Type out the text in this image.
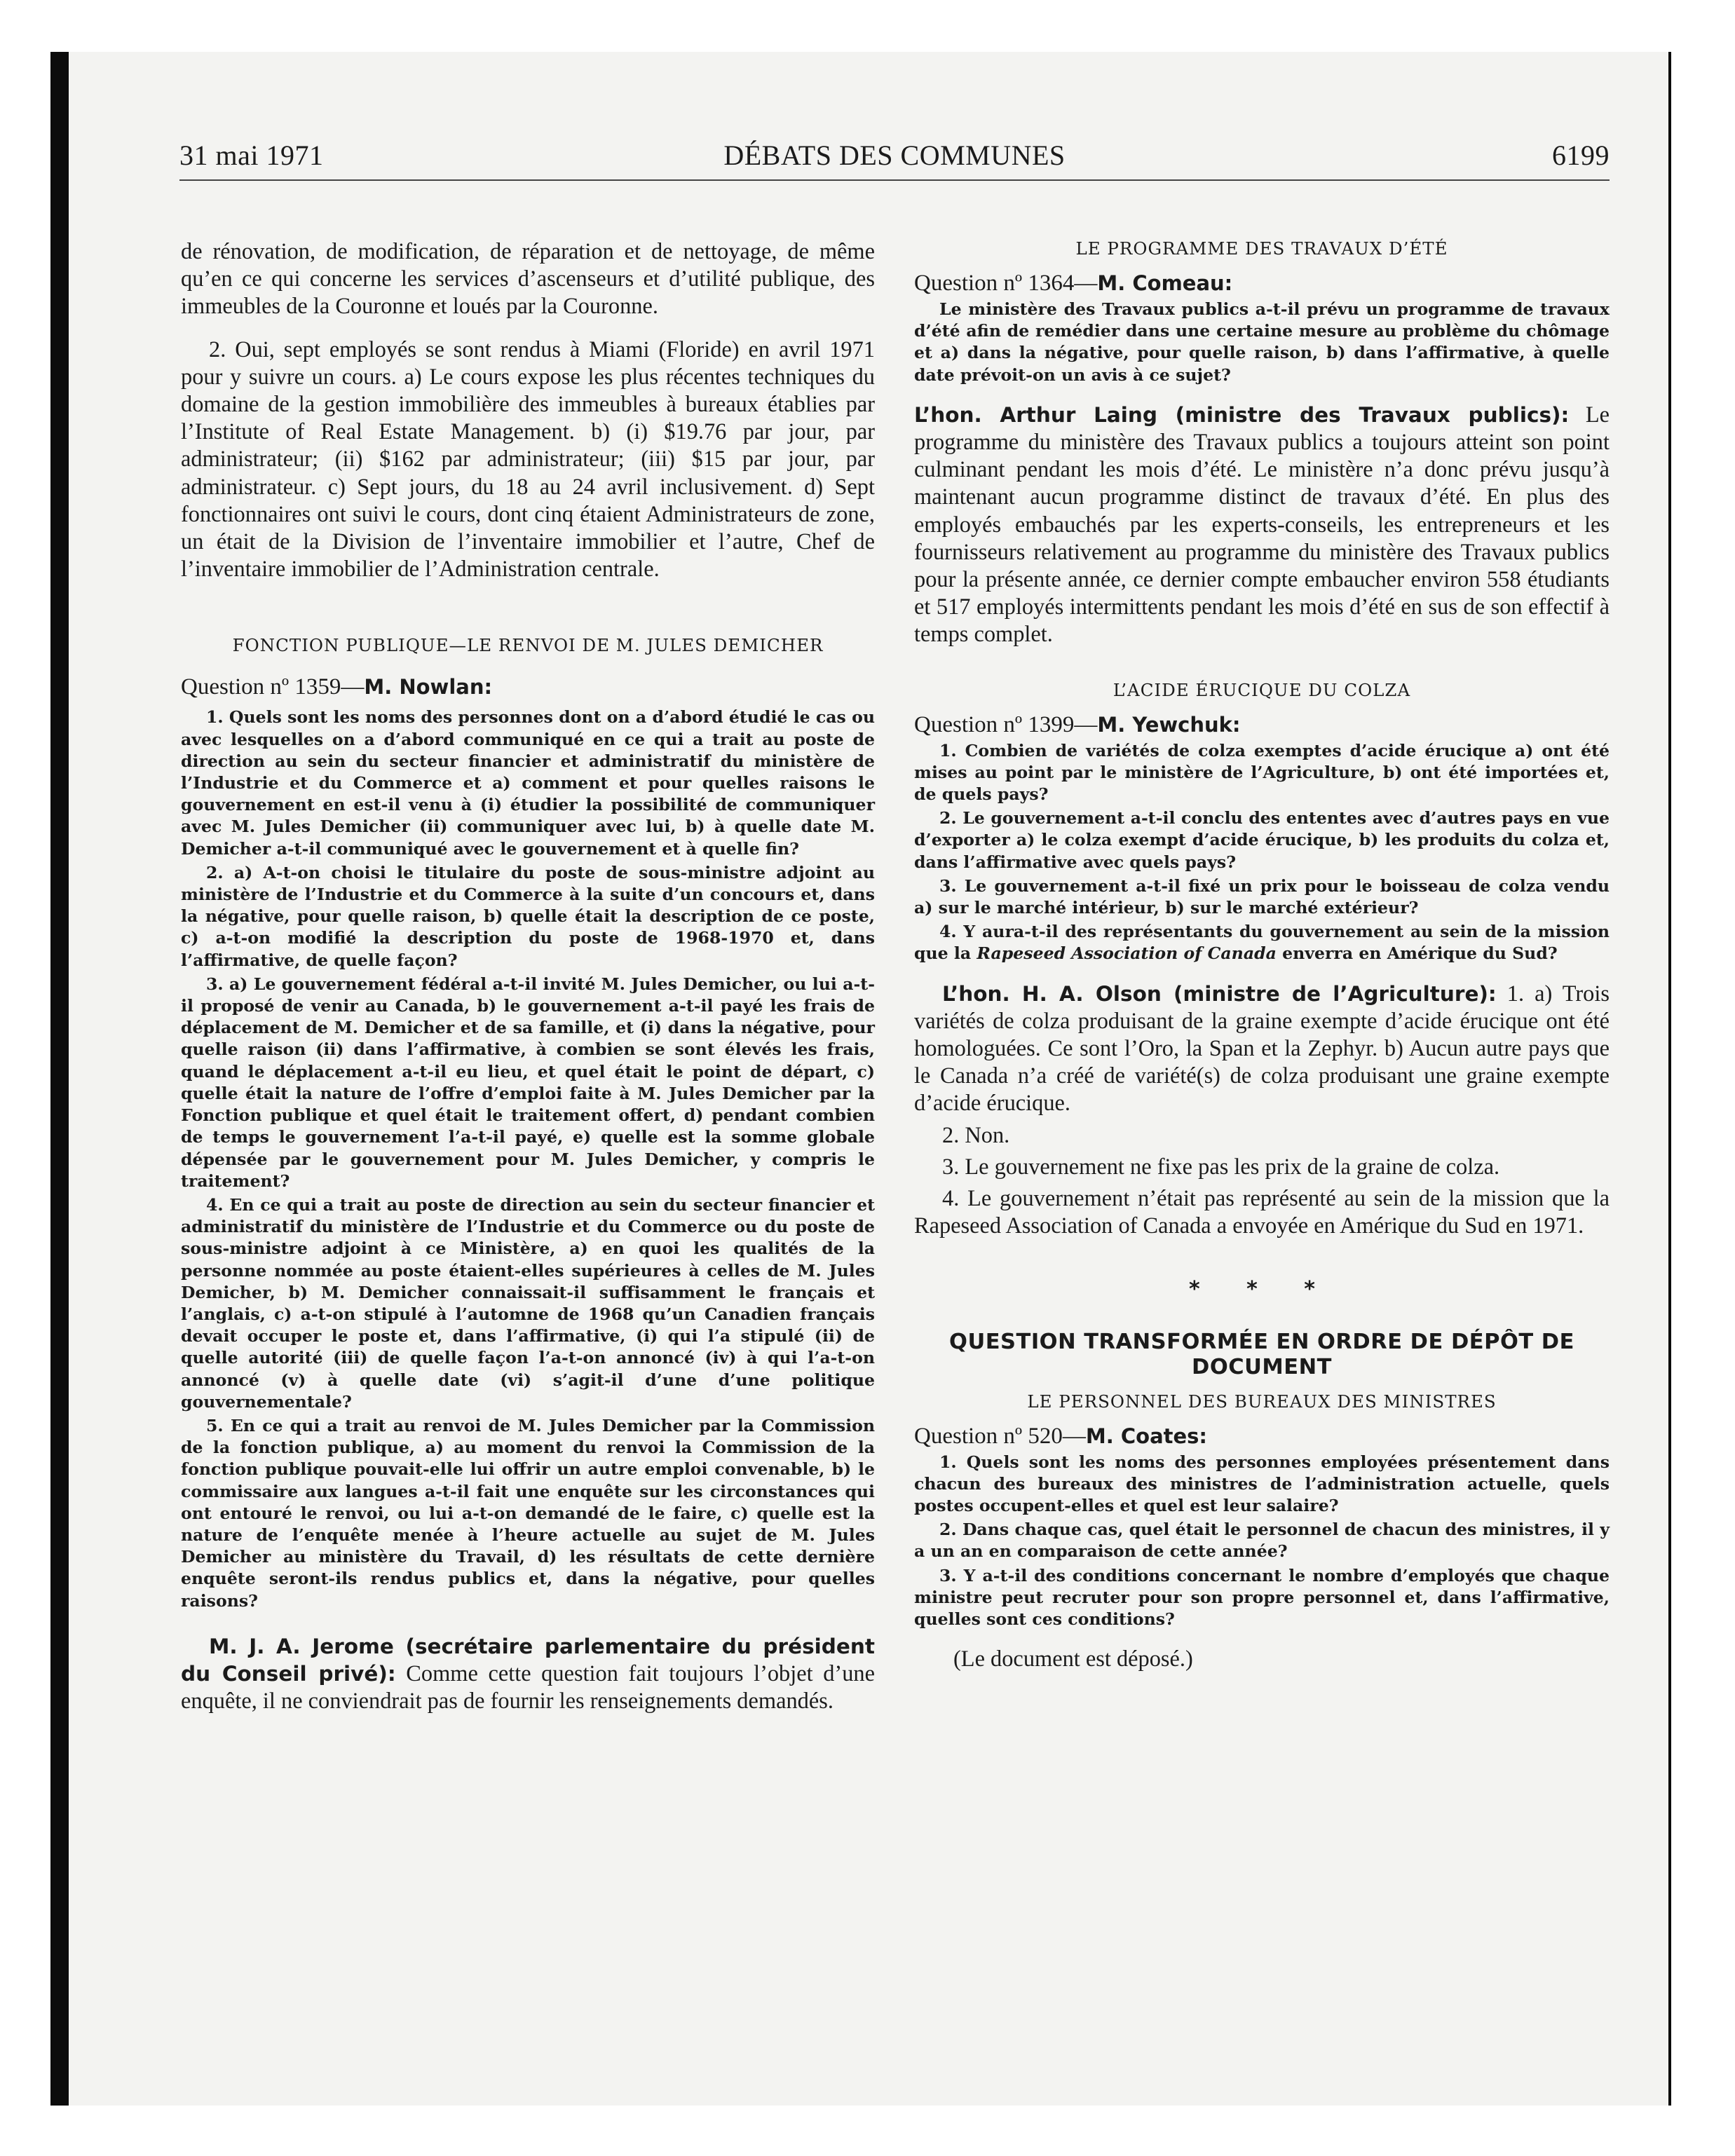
31 mai 1971	DÉBATS DES COMMUNES	6199

de rénovation, de modification, de réparation et de nettoyage, de même qu’en ce qui concerne les services d’ascenseurs et d’utilité publique, des immeubles de la Couronne et loués par la Couronne.

2. Oui, sept employés se sont rendus à Miami (Floride) en avril 1971 pour y suivre un cours. a) Le cours expose les plus récentes techniques du domaine de la gestion immobilière des immeubles à bureaux établies par l’Institute of Real Estate Management. b) (i) $19.76 par jour, par administrateur; (ii) $162 par administrateur; (iii) $15 par jour, par administrateur. c) Sept jours, du 18 au 24 avril inclusivement. d) Sept fonctionnaires ont suivi le cours, dont cinq étaient Administrateurs de zone, un était de la Division de l’inventaire immobilier et l’autre, Chef de l’inventaire immobilier de l’Administration centrale.

FONCTION PUBLIQUE—LE RENVOI DE M. JULES DEMICHER

Question nº 1359—M. Nowlan:

1. Quels sont les noms des personnes dont on a d’abord étudié le cas ou avec lesquelles on a d’abord communiqué en ce qui a trait au poste de direction au sein du secteur financier et administratif du ministère de l’Industrie et du Commerce et a) comment et pour quelles raisons le gouvernement en est-il venu à (i) étudier la possibilité de communiquer avec M. Jules Demicher (ii) communiquer avec lui, b) à quelle date M. Demicher a-t-il communiqué avec le gouvernement et à quelle fin?

2. a) A-t-on choisi le titulaire du poste de sous-ministre adjoint au ministère de l’Industrie et du Commerce à la suite d’un concours et, dans la négative, pour quelle raison, b) quelle était la description de ce poste, c) a-t-on modifié la description du poste de 1968-1970 et, dans l’affirmative, de quelle façon?

3. a) Le gouvernement fédéral a-t-il invité M. Jules Demicher, ou lui a-t-il proposé de venir au Canada, b) le gouvernement a-t-il payé les frais de déplacement de M. Demicher et de sa famille, et (i) dans la négative, pour quelle raison (ii) dans l’affirmative, à combien se sont élevés les frais, quand le déplacement a-t-il eu lieu, et quel était le point de départ, c) quelle était la nature de l’offre d’emploi faite à M. Jules Demicher par la Fonction publique et quel était le traitement offert, d) pendant combien de temps le gouvernement l’a-t-il payé, e) quelle est la somme globale dépensée par le gouvernement pour M. Jules Demicher, y compris le traitement?

4. En ce qui a trait au poste de direction au sein du secteur financier et administratif du ministère de l’Industrie et du Commerce ou du poste de sous-ministre adjoint à ce Ministère, a) en quoi les qualités de la personne nommée au poste étaient-elles supérieures à celles de M. Jules Demicher, b) M. Demicher connaissait-il suffisamment le français et l’anglais, c) a-t-on stipulé à l’automne de 1968 qu’un Canadien français devait occuper le poste et, dans l’affirmative, (i) qui l’a stipulé (ii) de quelle autorité (iii) de quelle façon l’a-t-on annoncé (iv) à qui l’a-t-on annoncé (v) à quelle date (vi) s’agit-il d’une d’une politique gouvernementale?

5. En ce qui a trait au renvoi de M. Jules Demicher par la Commission de la fonction publique, a) au moment du renvoi la Commission de la fonction publique pouvait-elle lui offrir un autre emploi convenable, b) le commissaire aux langues a-t-il fait une enquête sur les circonstances qui ont entouré le renvoi, ou lui a-t-on demandé de le faire, c) quelle est la nature de l’enquête menée à l’heure actuelle au sujet de M. Jules Demicher au ministère du Travail, d) les résultats de cette dernière enquête seront-ils rendus publics et, dans la négative, pour quelles raisons?

M. J. A. Jerome (secrétaire parlementaire du président du Conseil privé): Comme cette question fait toujours l’objet d’une enquête, il ne conviendrait pas de fournir les renseignements demandés.

LE PROGRAMME DES TRAVAUX D’ÉTÉ

Question nº 1364—M. Comeau:

Le ministère des Travaux publics a-t-il prévu un programme de travaux d’été afin de remédier dans une certaine mesure au problème du chômage et a) dans la négative, pour quelle raison, b) dans l’affirmative, à quelle date prévoit-on un avis à ce sujet?

L’hon. Arthur Laing (ministre des Travaux publics): Le programme du ministère des Travaux publics a toujours atteint son point culminant pendant les mois d’été. Le ministère n’a donc prévu jusqu’à maintenant aucun programme distinct de travaux d’été. En plus des employés embauchés par les experts-conseils, les entrepreneurs et les fournisseurs relativement au programme du ministère des Travaux publics pour la présente année, ce dernier compte embaucher environ 558 étudiants et 517 employés intermittents pendant les mois d’été en sus de son effectif à temps complet.

L’ACIDE ÉRUCIQUE DU COLZA

Question nº 1399—M. Yewchuk:

1. Combien de variétés de colza exemptes d’acide érucique a) ont été mises au point par le ministère de l’Agriculture, b) ont été importées et, de quels pays?

2. Le gouvernement a-t-il conclu des ententes avec d’autres pays en vue d’exporter a) le colza exempt d’acide érucique, b) les produits du colza et, dans l’affirmative avec quels pays?

3. Le gouvernement a-t-il fixé un prix pour le boisseau de colza vendu a) sur le marché intérieur, b) sur le marché extérieur?

4. Y aura-t-il des représentants du gouvernement au sein de la mission que la Rapeseed Association of Canada enverra en Amérique du Sud?

L’hon. H. A. Olson (ministre de l’Agriculture): 1. a) Trois variétés de colza produisant de la graine exempte d’acide érucique ont été homologuées. Ce sont l’Oro, la Span et la Zephyr. b) Aucun autre pays que le Canada n’a créé de variété(s) de colza produisant une graine exempte d’acide érucique.

2. Non.

3. Le gouvernement ne fixe pas les prix de la graine de colza.

4. Le gouvernement n’était pas représenté au sein de la mission que la Rapeseed Association of Canada a envoyée en Amérique du Sud en 1971.

* * *

QUESTION TRANSFORMÉE EN ORDRE DE DÉPÔT DE DOCUMENT

LE PERSONNEL DES BUREAUX DES MINISTRES

Question nº 520—M. Coates:

1. Quels sont les noms des personnes employées présentement dans chacun des bureaux des ministres de l’administration actuelle, quels postes occupent-elles et quel est leur salaire?

2. Dans chaque cas, quel était le personnel de chacun des ministres, il y a un an en comparaison de cette année?

3. Y a-t-il des conditions concernant le nombre d’employés que chaque ministre peut recruter pour son propre personnel et, dans l’affirmative, quelles sont ces conditions?

(Le document est déposé.)
